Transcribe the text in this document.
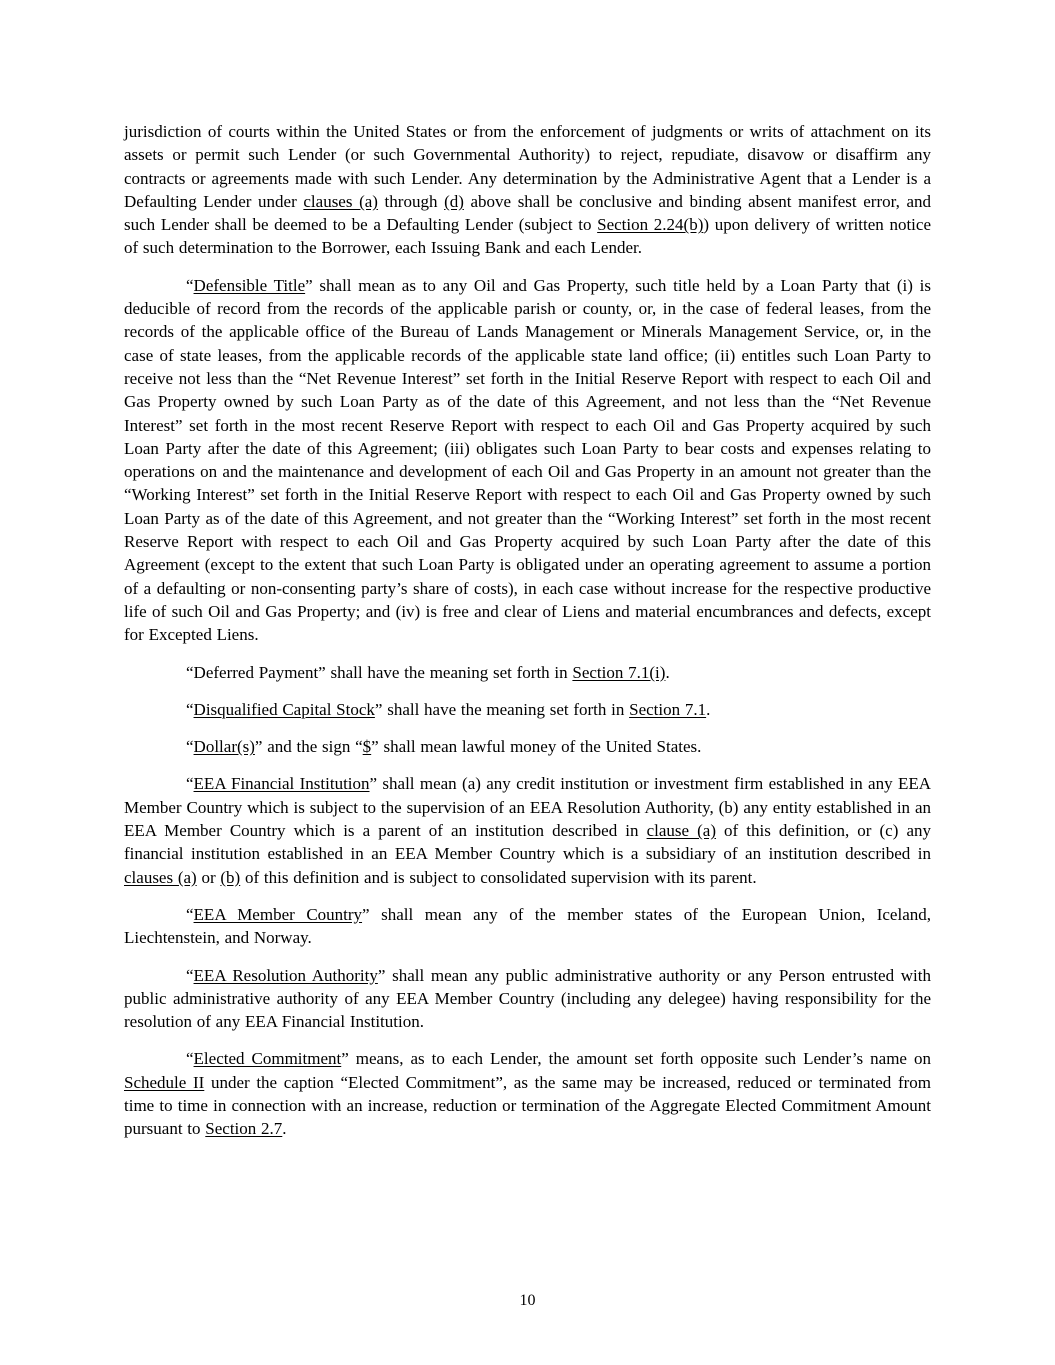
jurisdiction of courts within the United States or from the enforcement of judgments or writs of attachment on its assets or permit such Lender (or such Governmental Authority) to reject, repudiate, disavow or disaffirm any contracts or agreements made with such Lender. Any determination by the Administrative Agent that a Lender is a Defaulting Lender under clauses (a) through (d) above shall be conclusive and binding absent manifest error, and such Lender shall be deemed to be a Defaulting Lender (subject to Section 2.24(b)) upon delivery of written notice of such determination to the Borrower, each Issuing Bank and each Lender.

“Defensible Title” shall mean as to any Oil and Gas Property, such title held by a Loan Party that (i) is deducible of record from the records of the applicable parish or county, or, in the case of federal leases, from the records of the applicable office of the Bureau of Lands Management or Minerals Management Service, or, in the case of state leases, from the applicable records of the applicable state land office; (ii) entitles such Loan Party to receive not less than the “Net Revenue Interest” set forth in the Initial Reserve Report with respect to each Oil and Gas Property owned by such Loan Party as of the date of this Agreement, and not less than the “Net Revenue Interest” set forth in the most recent Reserve Report with respect to each Oil and Gas Property acquired by such Loan Party after the date of this Agreement; (iii) obligates such Loan Party to bear costs and expenses relating to operations on and the maintenance and development of each Oil and Gas Property in an amount not greater than the “Working Interest” set forth in the Initial Reserve Report with respect to each Oil and Gas Property owned by such Loan Party as of the date of this Agreement, and not greater than the “Working Interest” set forth in the most recent Reserve Report with respect to each Oil and Gas Property acquired by such Loan Party after the date of this Agreement (except to the extent that such Loan Party is obligated under an operating agreement to assume a portion of a defaulting or non-consenting party’s share of costs), in each case without increase for the respective productive life of such Oil and Gas Property; and (iv) is free and clear of Liens and material encumbrances and defects, except for Excepted Liens.

“Deferred Payment” shall have the meaning set forth in Section 7.1(i).

“Disqualified Capital Stock” shall have the meaning set forth in Section 7.1.

“Dollar(s)” and the sign “$” shall mean lawful money of the United States.

“EEA Financial Institution” shall mean (a) any credit institution or investment firm established in any EEA Member Country which is subject to the supervision of an EEA Resolution Authority, (b) any entity established in an EEA Member Country which is a parent of an institution described in clause (a) of this definition, or (c) any financial institution established in an EEA Member Country which is a subsidiary of an institution described in clauses (a) or (b) of this definition and is subject to consolidated supervision with its parent.

“EEA Member Country” shall mean any of the member states of the European Union, Iceland, Liechtenstein, and Norway.

“EEA Resolution Authority” shall mean any public administrative authority or any Person entrusted with public administrative authority of any EEA Member Country (including any delegee) having responsibility for the resolution of any EEA Financial Institution.

“Elected Commitment” means, as to each Lender, the amount set forth opposite such Lender’s name on Schedule II under the caption “Elected Commitment”, as the same may be increased, reduced or terminated from time to time in connection with an increase, reduction or termination of the Aggregate Elected Commitment Amount pursuant to Section 2.7.

10
